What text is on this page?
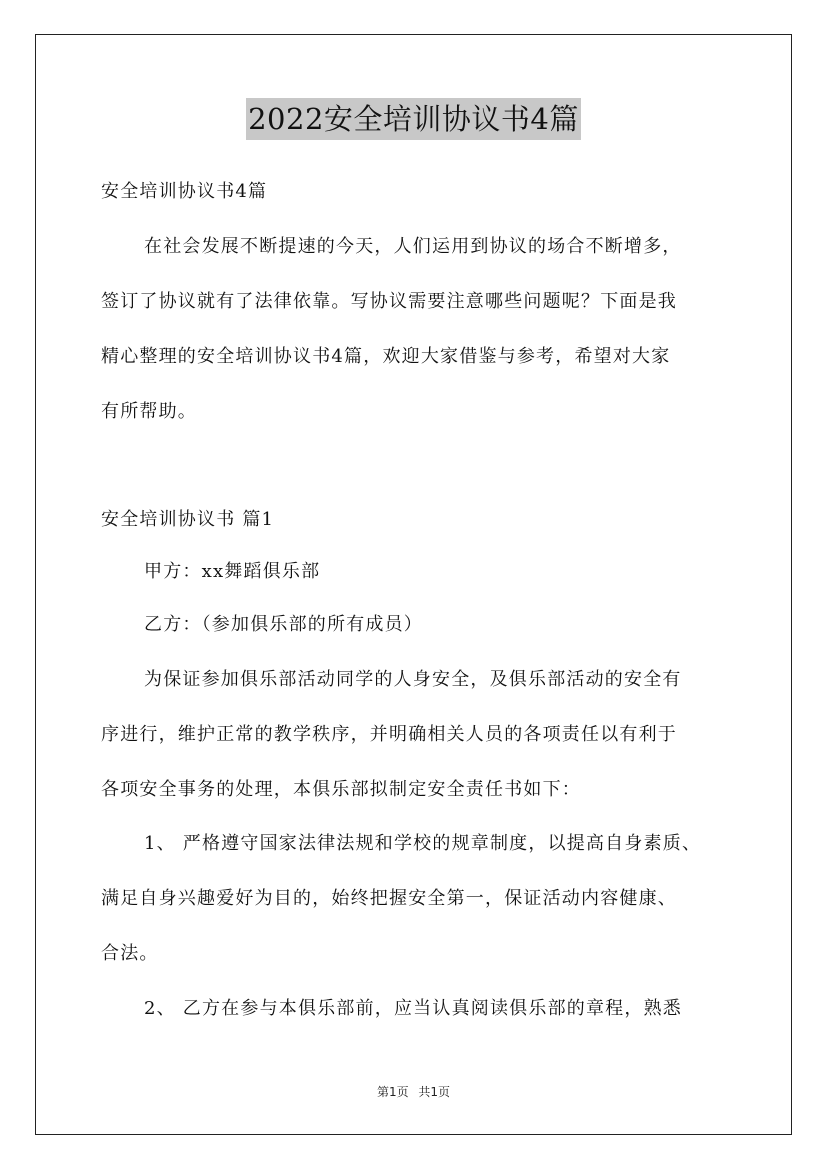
2022安全培训协议书4篇
安全培训协议书4篇
在社会发展不断提速的今天，人们运用到协议的场合不断增多，
签订了协议就有了法律依靠。写协议需要注意哪些问题呢？下面是我
精心整理的安全培训协议书4篇，欢迎大家借鉴与参考，希望对大家
有所帮助。
安全培训协议书 篇1
甲方：xx舞蹈俱乐部
乙方：（参加俱乐部的所有成员）
为保证参加俱乐部活动同学的人身安全，及俱乐部活动的安全有
序进行，维护正常的教学秩序，并明确相关人员的各项责任以有利于
各项安全事务的处理，本俱乐部拟制定安全责任书如下：
1、 严格遵守国家法律法规和学校的规章制度，以提高自身素质、
满足自身兴趣爱好为目的，始终把握安全第一，保证活动内容健康、
合法。
2、 乙方在参与本俱乐部前，应当认真阅读俱乐部的章程，熟悉
第1页 共1页
